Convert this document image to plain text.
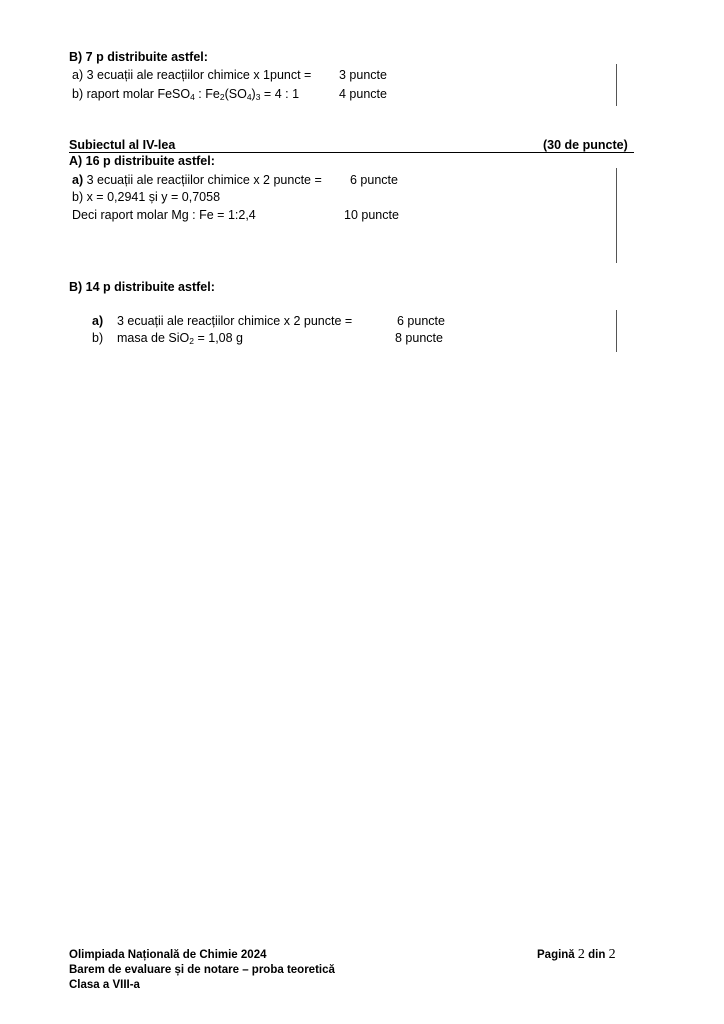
B) 7 p distribuite astfel:
a) 3 ecuații ale reacțiilor chimice x 1punct = 3 puncte
b) raport molar FeSO$_4$ : $Fe_2(SO_4)_3 = 4$ : 1	4 puncte
Subiectul al IV-lea	(30 de puncte)
A) 16 p distribuite astfel:
a) 3 ecuații ale reacțiilor chimice x 2 puncte = 6 puncte
b) x = 0,2941 și y = 0,7058
Deci raport molar Mg : Fe = 1:2,4	10 puncte
B) 14 p distribuite astfel:
a) 3 ecuații ale reacțiilor chimice x 2 puncte =	6 puncte
b) masa de SiO$_2$ = 1,08 g	8 puncte
Olimpiada Națională de Chimie 2024
Barem de evaluare și de notare – proba teoretică
Clasa a VIII-a
Pagină 2 din 2
